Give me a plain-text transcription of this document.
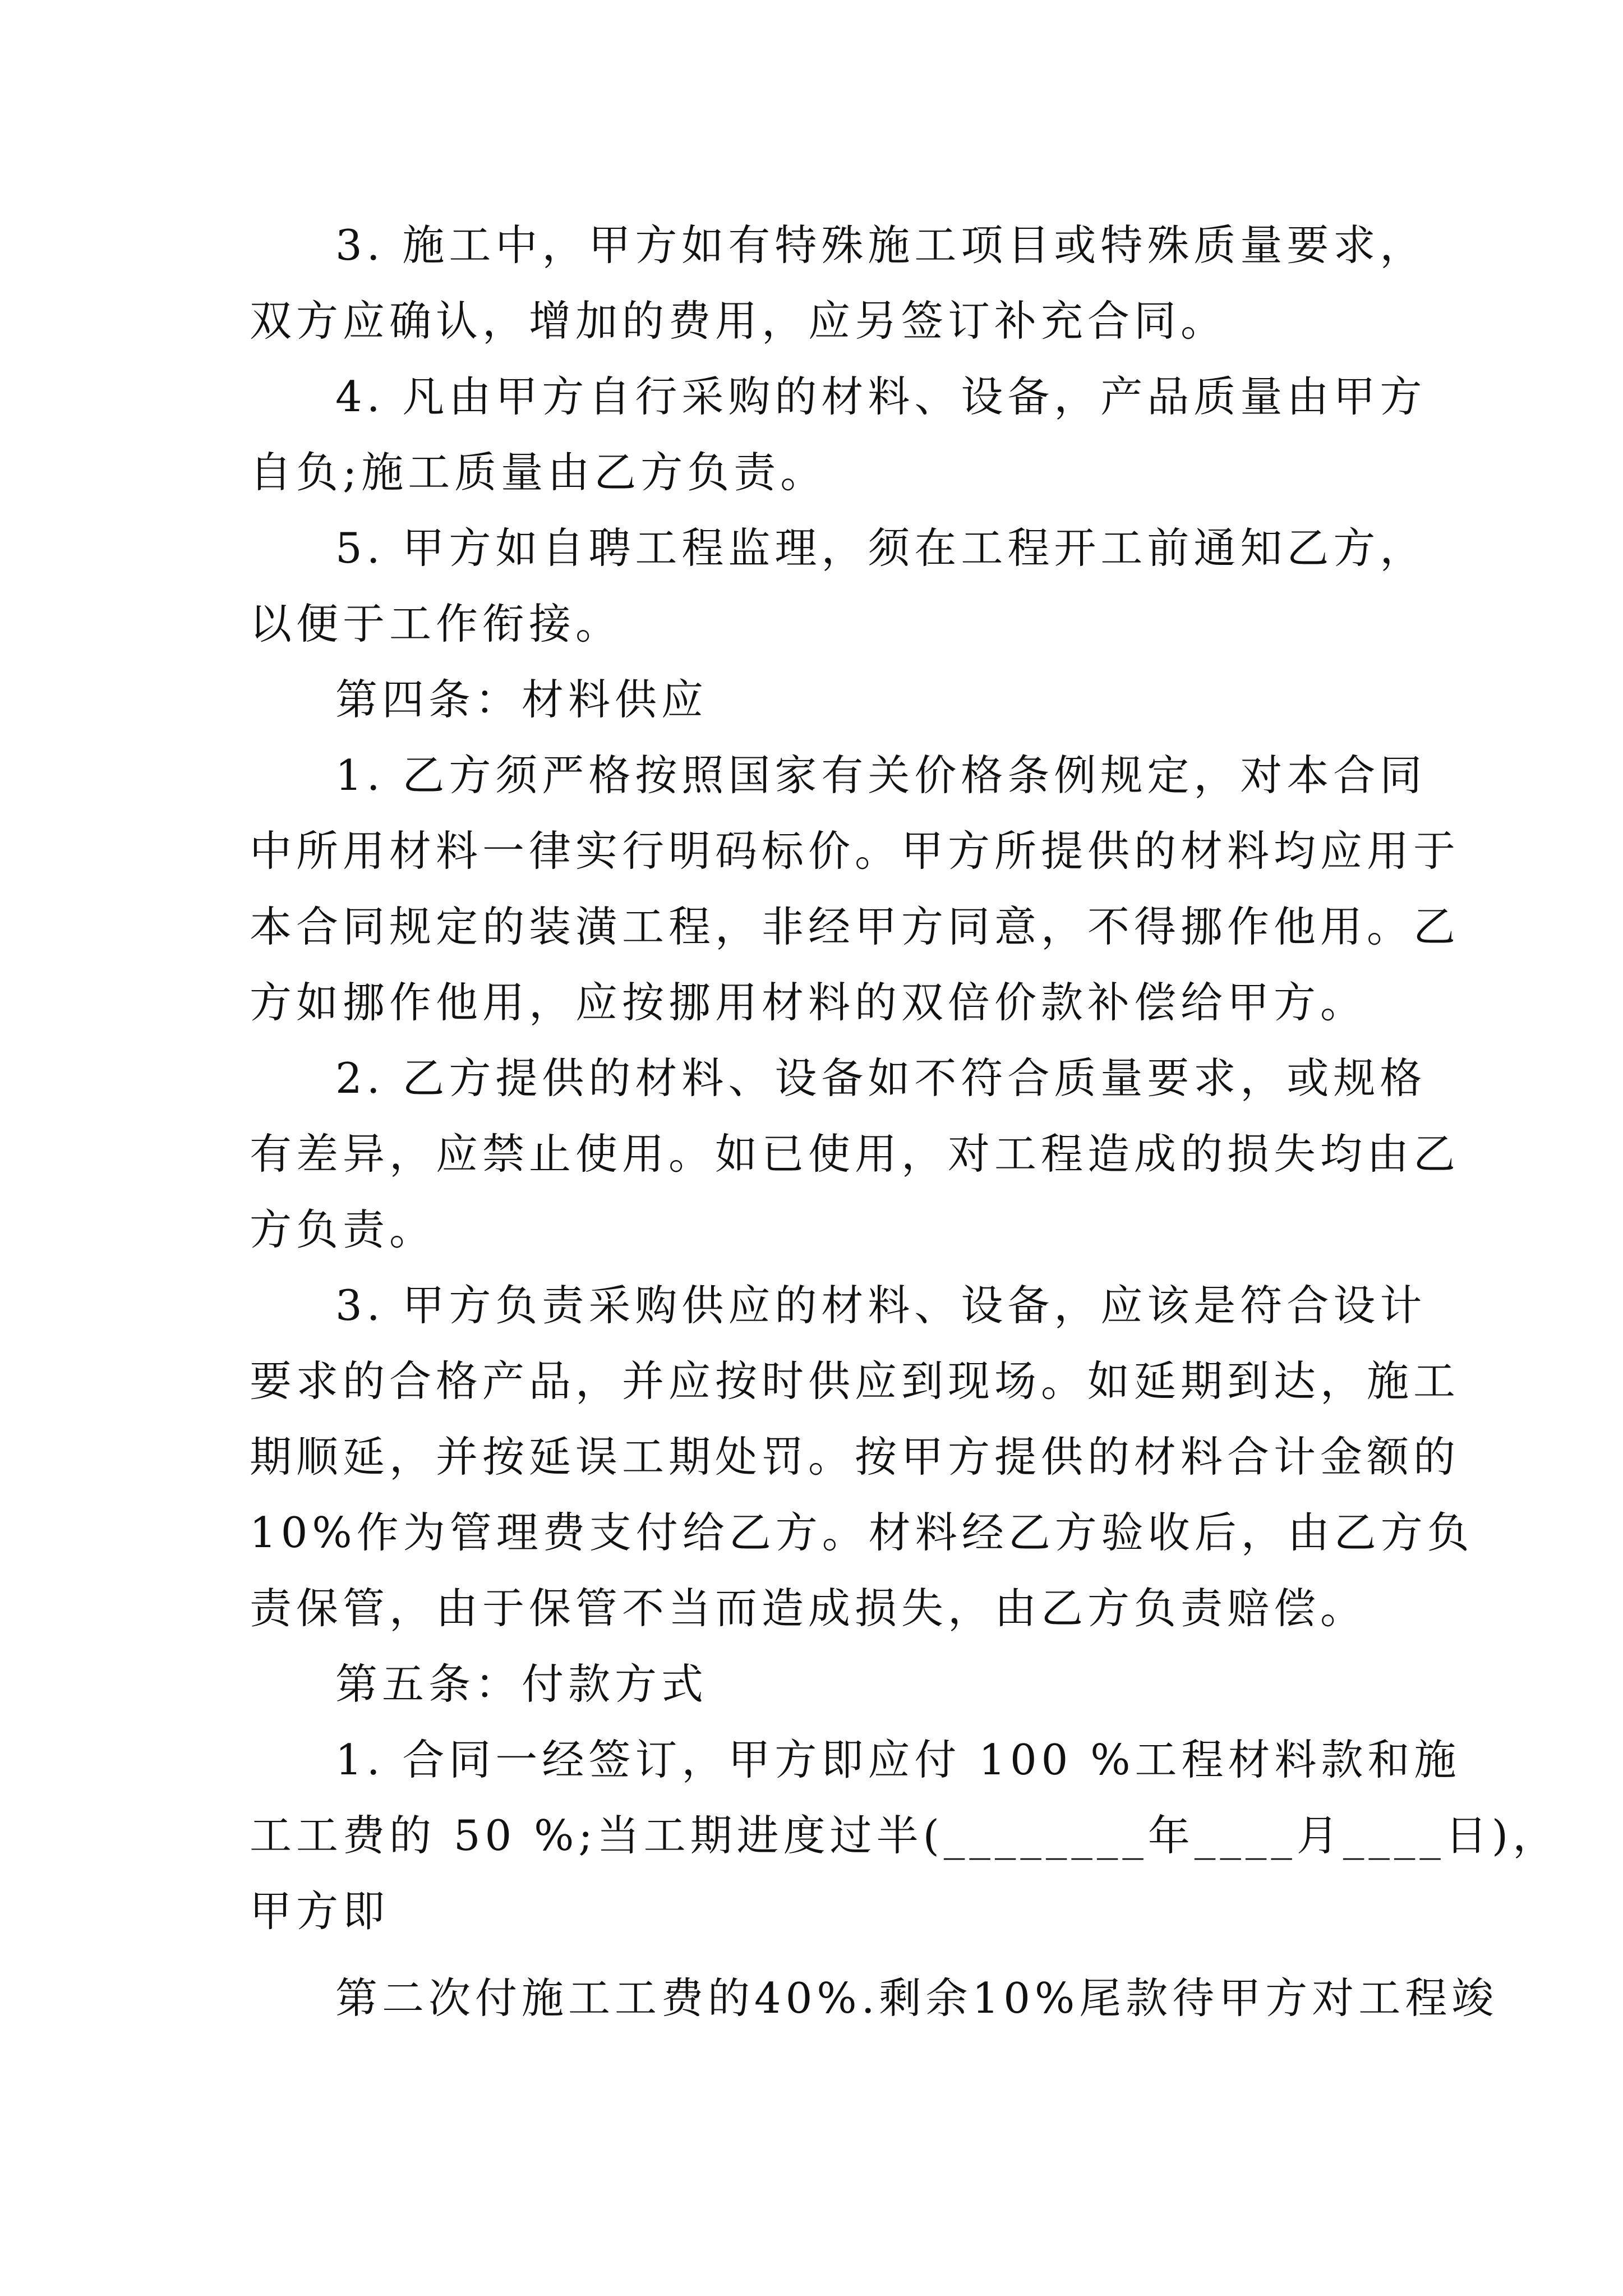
3. 施工中，甲方如有特殊施工项目或特殊质量要求，
双方应确认，增加的费用，应另签订补充合同。
4. 凡由甲方自行采购的材料、设备，产品质量由甲方
自负;施工质量由乙方负责。
5. 甲方如自聘工程监理，须在工程开工前通知乙方，
以便于工作衔接。
第四条：材料供应
1. 乙方须严格按照国家有关价格条例规定，对本合同
中所用材料一律实行明码标价。甲方所提供的材料均应用于
本合同规定的装潢工程，非经甲方同意，不得挪作他用。乙
方如挪作他用，应按挪用材料的双倍价款补偿给甲方。
2. 乙方提供的材料、设备如不符合质量要求，或规格
有差异，应禁止使用。如已使用，对工程造成的损失均由乙
方负责。
3. 甲方负责采购供应的材料、设备，应该是符合设计
要求的合格产品，并应按时供应到现场。如延期到达，施工
期顺延，并按延误工期处罚。按甲方提供的材料合计金额的
10%作为管理费支付给乙方。材料经乙方验收后，由乙方负
责保管，由于保管不当而造成损失，由乙方负责赔偿。
第五条：付款方式
1. 合同一经签订，甲方即应付 100 %工程材料款和施
工工费的 50 %;当工期进度过半(________年____月____日)，
甲方即
第二次付施工工费的40%.剩余10%尾款待甲方对工程竣
